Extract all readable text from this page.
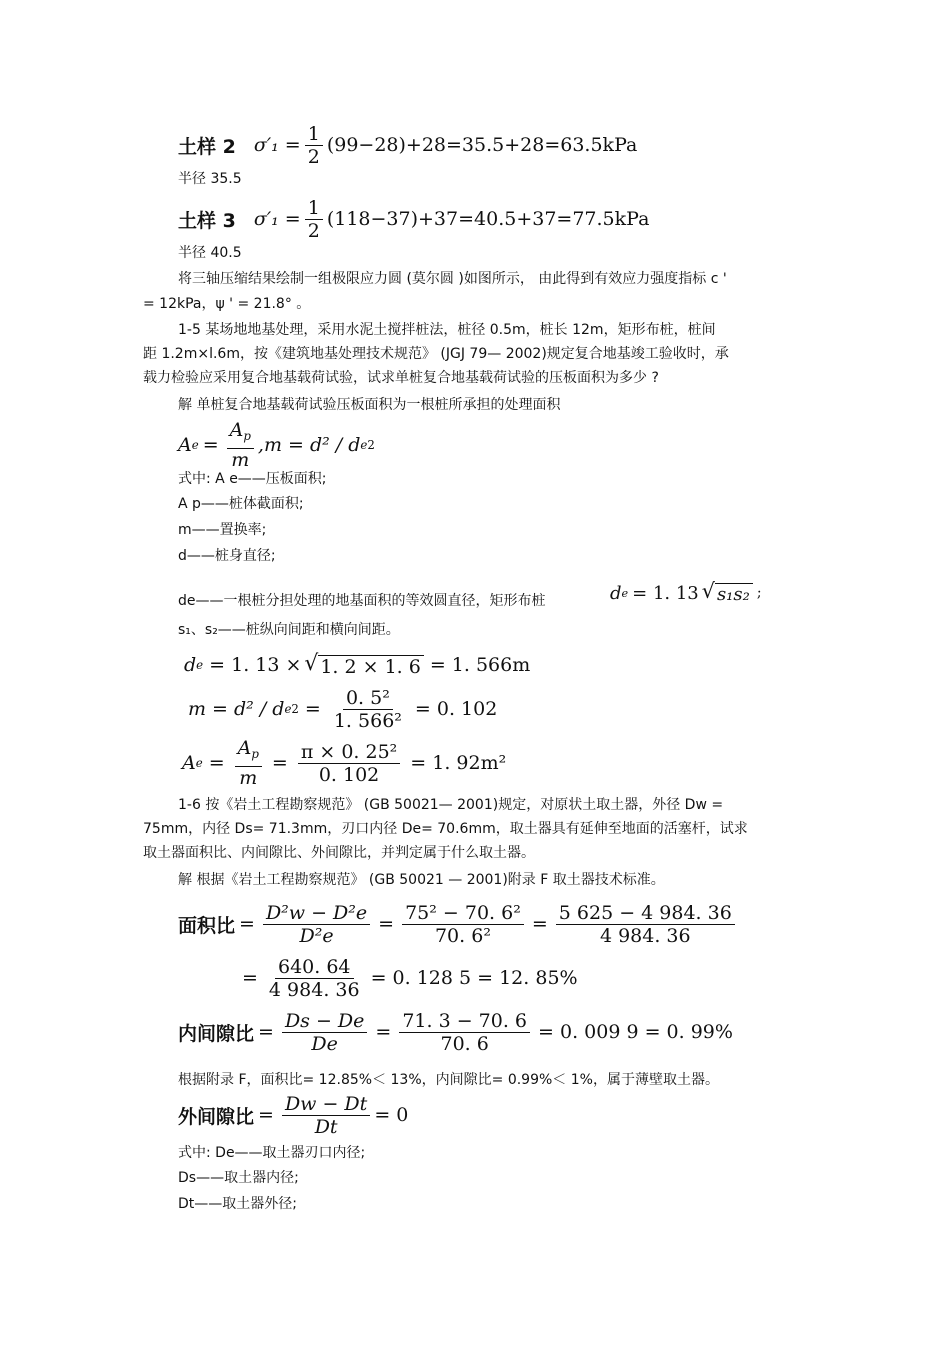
土样 2 $\sigma'_1 = \frac{1}{2} (99-28)+28=35.5+28=63.5kPa$
半径 35.5
土样 3 $\sigma'_1 = \frac{1}{2} (118-37)+37=40.5+37=77.5kPa$
半径 40.5
将三轴压缩结果绘制一组极限应力圆 (莫尔圆 )如图所示， 由此得到有效应力强度指标 c '
= 12kPa，ψ ' = 21.8° 。
1-5 某场地地基处理，采用水泥土搅拌桩法，桩径 0.5m，桩长 12m，矩形布桩，桩间
距 1.2m×l.6m，按《建筑地基处理技术规范》 (JGJ 79— 2002)规定复合地基竣工验收时，承
载力检验应采用复合地基载荷试验，试求单桩复合地基载荷试验的压板面积为多少 ?
解 单桩复合地基载荷试验压板面积为一根桩所承担的处理面积
A $e = \frac{A_p}{m} ,m = d^2 / d$ e 2
式中: A e——压板面积;
A p——桩体截面积;
m——置换率;
d——桩身直径;
de——一根桩分担处理的地基面积的等效圆直径，矩形布桩	d e = 1. 13 √ s₁s₂ ;
s₁、s₂——桩纵向间距和横向间距。
d e = 1. 13 × √ 1. 2 × 1. 6 = 1. 566m
m = d² / d e $2 = \frac{\text{0. 5²}}{\text{1. 566²}} = 0$. 102
A $e = \frac{A_p}{m} = \frac{\text{π × 0. 25²}}{0. 102} = 1$. 92m²
1-6 按《岩土工程勘察规范》 (GB 50021— 2001)规定，对原状土取土器，外径 Dw =
75mm，内径 Ds= 71.3mm，刃口内径 De= 70.6mm，取土器具有延伸至地面的活塞杆，试求
取土器面积比、内间隙比、外间隙比，并判定属于什么取土器。
解 根据《岩土工程勘察规范》 (GB 50021 — 2001)附录 F 取土器技术标准。
面积比 = $\frac{\text{D²w − D²e}}{\text{D²e}} = \frac{\text{75² − 70. 6²}}{\text{70. 6²}} = \frac{5 625 - 4 984. 36}{4 984. 36}$
= $\frac{640. 64}{4 984. 36} = 0$. 128 5 = 12. 85%
内间隙比 = $\frac{Ds - De}{De} = \frac{71. 3 - 70. 6}{70. 6} = 0$. 009 9 = 0. 99%
根据附录 F，面积比= 12.85%＜ 13%，内间隙比= 0.99%＜ 1%，属于薄壁取土器。
外间隙比 = $\frac{Dw - Dt}{Dt} = 0$
式中: De——取土器刃口内径;
Ds——取土器内径;
Dt——取土器外径;
